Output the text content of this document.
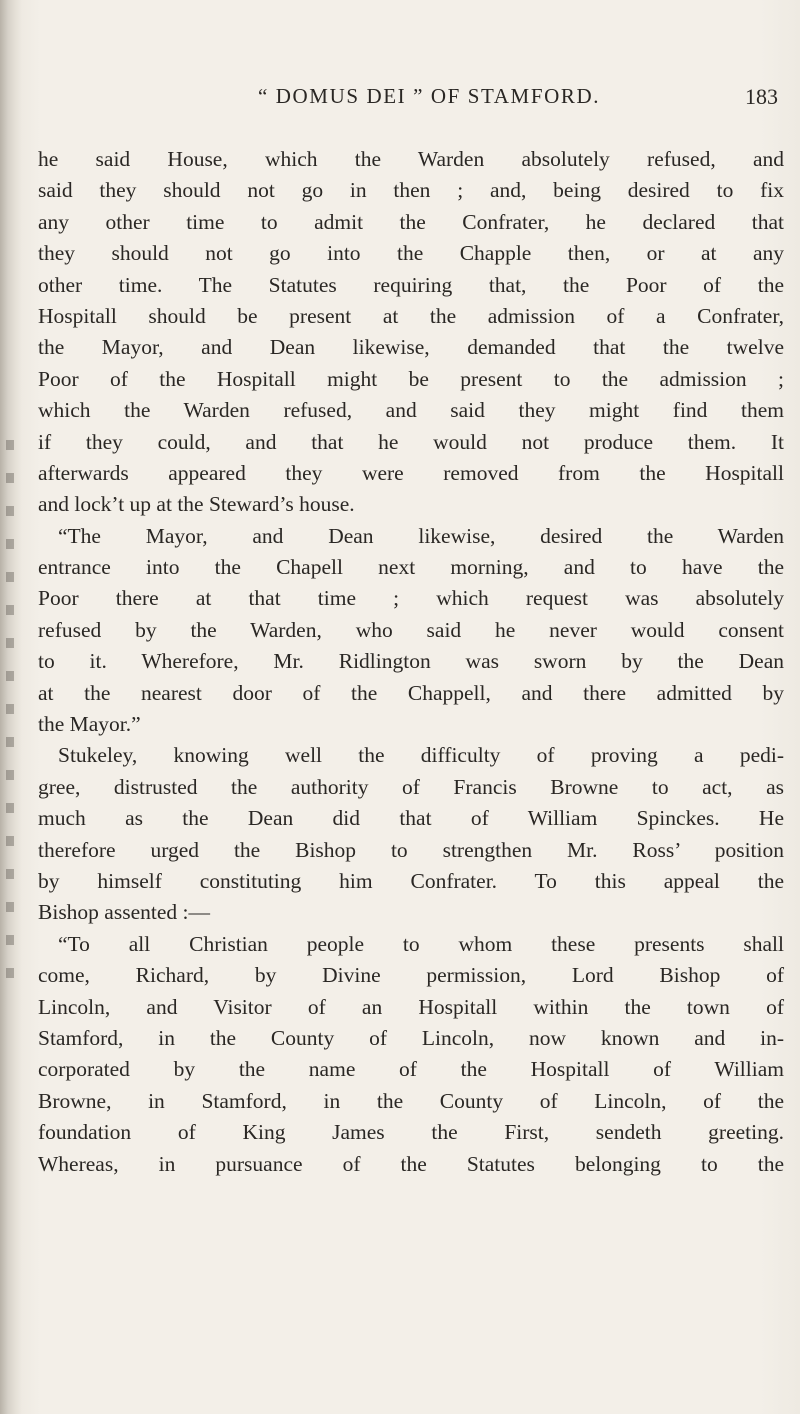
“ DOMUS DEI ” OF STAMFORD.	183
he said House, which the Warden absolutely refused, and
said they should not go in then ; and, being desired to fix
any other time to admit the Confrater, he declared that
they should not go into the Chapple then, or at any
other time. The Statutes requiring that, the Poor of the
Hospitall should be present at the admission of a Confrater,
the Mayor, and Dean likewise, demanded that the twelve
Poor of the Hospitall might be present to the admission ;
which the Warden refused, and said they might find them
if they could, and that he would not produce them. It
afterwards appeared they were removed from the Hospitall
and lock’t up at the Steward’s house.
“The Mayor, and Dean likewise, desired the Warden
entrance into the Chapell next morning, and to have the
Poor there at that time ; which request was absolutely
refused by the Warden, who said he never would consent
to it. Wherefore, Mr. Ridlington was sworn by the Dean
at the nearest door of the Chappell, and there admitted by
the Mayor.”
Stukeley, knowing well the difficulty of proving a pedi-
gree, distrusted the authority of Francis Browne to act, as
much as the Dean did that of William Spinckes. He
therefore urged the Bishop to strengthen Mr. Ross’ position
by himself constituting him Confrater. To this appeal the
Bishop assented :—
“To all Christian people to whom these presents shall
come, Richard, by Divine permission, Lord Bishop of
Lincoln, and Visitor of an Hospitall within the town of
Stamford, in the County of Lincoln, now known and in-
corporated by the name of the Hospitall of William
Browne, in Stamford, in the County of Lincoln, of the
foundation of King James the First, sendeth greeting.
Whereas, in pursuance of the Statutes belonging to the
